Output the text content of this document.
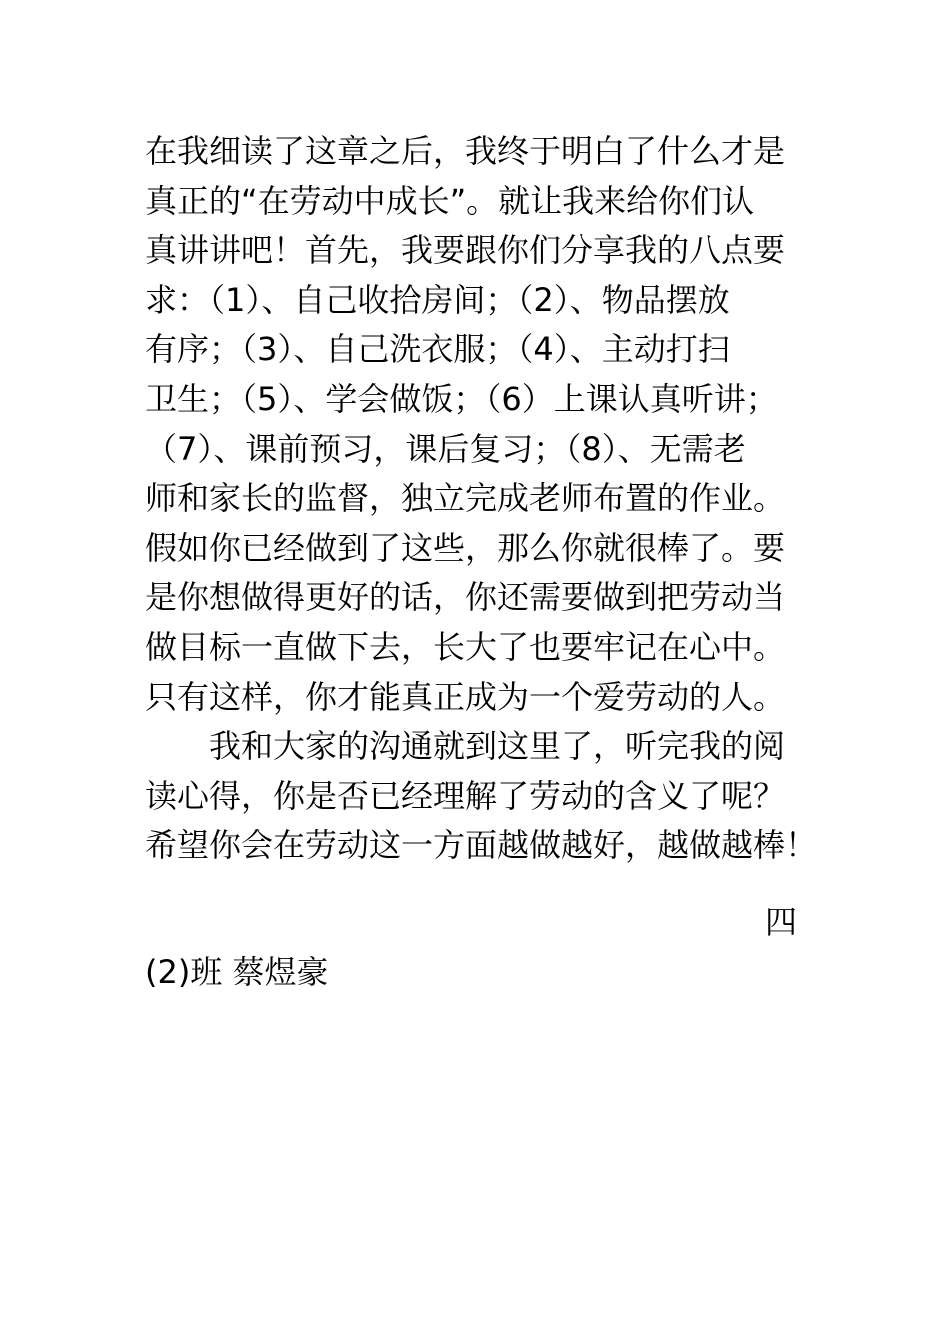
在我细读了这章之后，我终于明白了什么才是
真正的“在劳动中成长”。就让我来给你们认
真讲讲吧！首先，我要跟你们分享我的八点要
求：（1）、自己收拾房间；（2）、物品摆放
有序；（3）、自己洗衣服；（4）、主动打扫
卫生；（5）、学会做饭；（6）上课认真听讲；
（7）、课前预习，课后复习；（8）、无需老
师和家长的监督，独立完成老师布置的作业。
假如你已经做到了这些，那么你就很棒了。要
是你想做得更好的话，你还需要做到把劳动当
做目标一直做下去，长大了也要牢记在心中。
只有这样，你才能真正成为一个爱劳动的人。
我和大家的沟通就到这里了，听完我的阅
读心得，你是否已经理解了劳动的含义了呢？
希望你会在劳动这一方面越做越好，越做越棒！
四
(2)班 蔡煜豪
